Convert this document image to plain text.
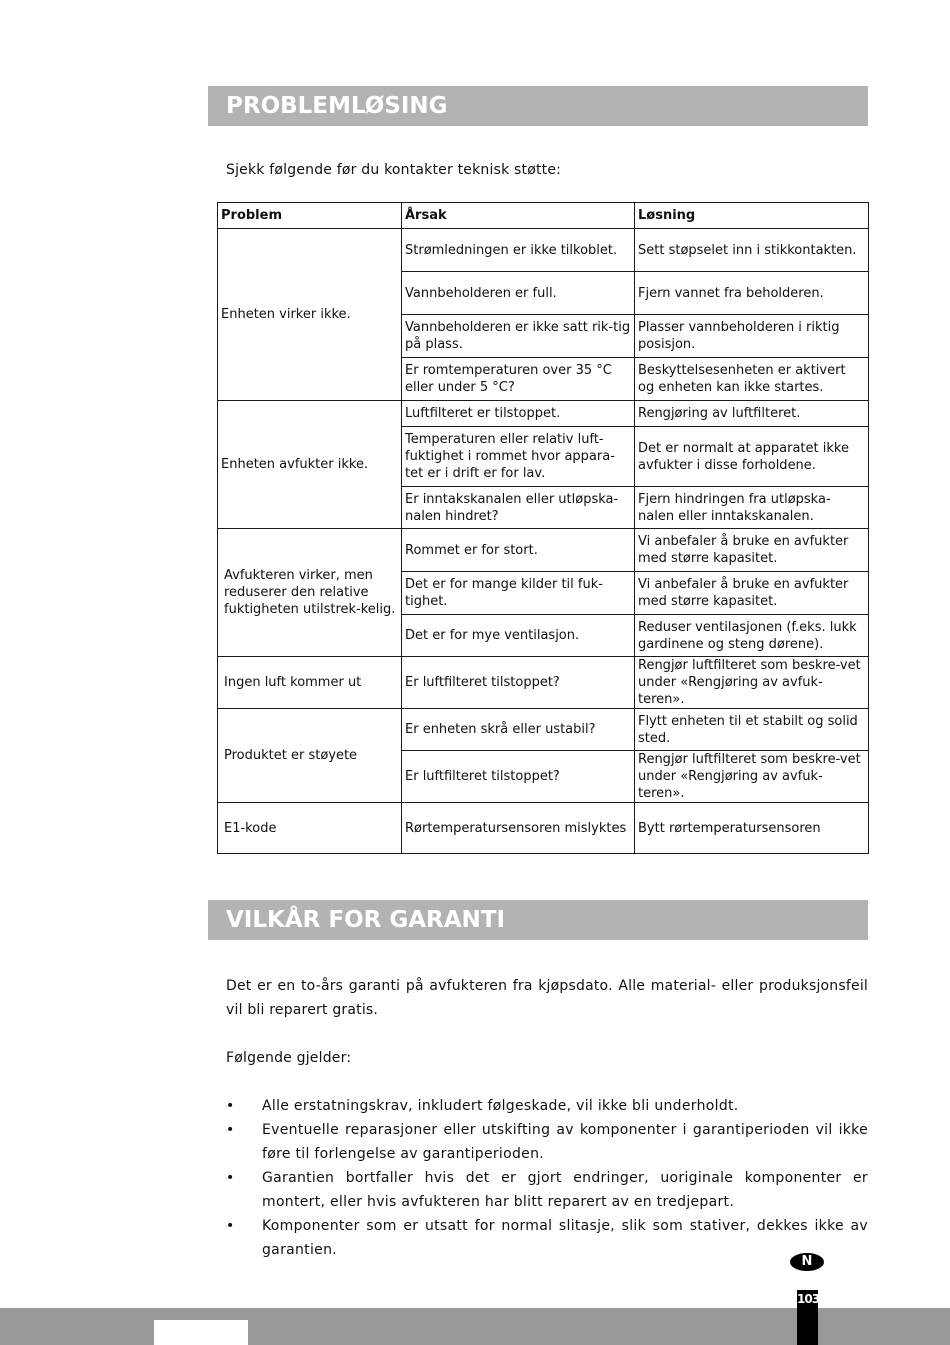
PROBLEMLØSING
Sjekk følgende før du kontakter teknisk støtte:
Problem	Årsak	Løsning
Enheten virker ikke.	Strømledningen er ikke tilkoblet.	Sett støpselet inn i stikkontakten.
	Vannbeholderen er full.	Fjern vannet fra beholderen.
	Vannbeholderen er ikke satt rik-tig på plass.	Plasser vannbeholderen i riktig posisjon.
	Er romtemperaturen over 35 °C eller under 5 °C?	Beskyttelsesenheten er aktivert og enheten kan ikke startes.
Enheten avfukter ikke.	Luftfilteret er tilstoppet.	Rengjøring av luftfilteret.
	Temperaturen eller relativ luft-fuktighet i rommet hvor appara-tet er i drift er for lav.	Det er normalt at apparatet ikke avfukter i disse forholdene.
	Er inntakskanalen eller utløpska-nalen hindret?	Fjern hindringen fra utløpska-nalen eller inntakskanalen.
Avfukteren virker, men reduserer den relative fuktigheten utilstrek-kelig.	Rommet er for stort.	Vi anbefaler å bruke en avfukter med større kapasitet.
	Det er for mange kilder til fuk-tighet.	Vi anbefaler å bruke en avfukter med større kapasitet.
	Det er for mye ventilasjon.	Reduser ventilasjonen (f.eks. lukk gardinene og steng dørene).
Ingen luft kommer ut	Er luftfilteret tilstoppet?	Rengjør luftfilteret som beskre-vet under «Rengjøring av avfuk-teren».
Produktet er støyete	Er enheten skrå eller ustabil?	Flytt enheten til et stabilt og solid sted.
	Er luftfilteret tilstoppet?	Rengjør luftfilteret som beskre-vet under «Rengjøring av avfuk-teren».
E1-kode	Rørtemperatursensoren mislyktes	Bytt rørtemperatursensoren
VILKÅR FOR GARANTI
Det er en to-års garanti på avfukteren fra kjøpsdato. Alle material- eller produksjonsfeil vil bli reparert gratis.
Følgende gjelder:
• Alle erstatningskrav, inkludert følgeskade, vil ikke bli underholdt.
• Eventuelle reparasjoner eller utskifting av komponenter i garantiperioden vil ikke føre til forlengelse av garantiperioden.
• Garantien bortfaller hvis det er gjort endringer, uoriginale komponenter er montert, eller hvis avfukteren har blitt reparert av en tredjepart.
• Komponenter som er utsatt for normal slitasje, slik som stativer, dekkes ikke av garantien.
N
103
